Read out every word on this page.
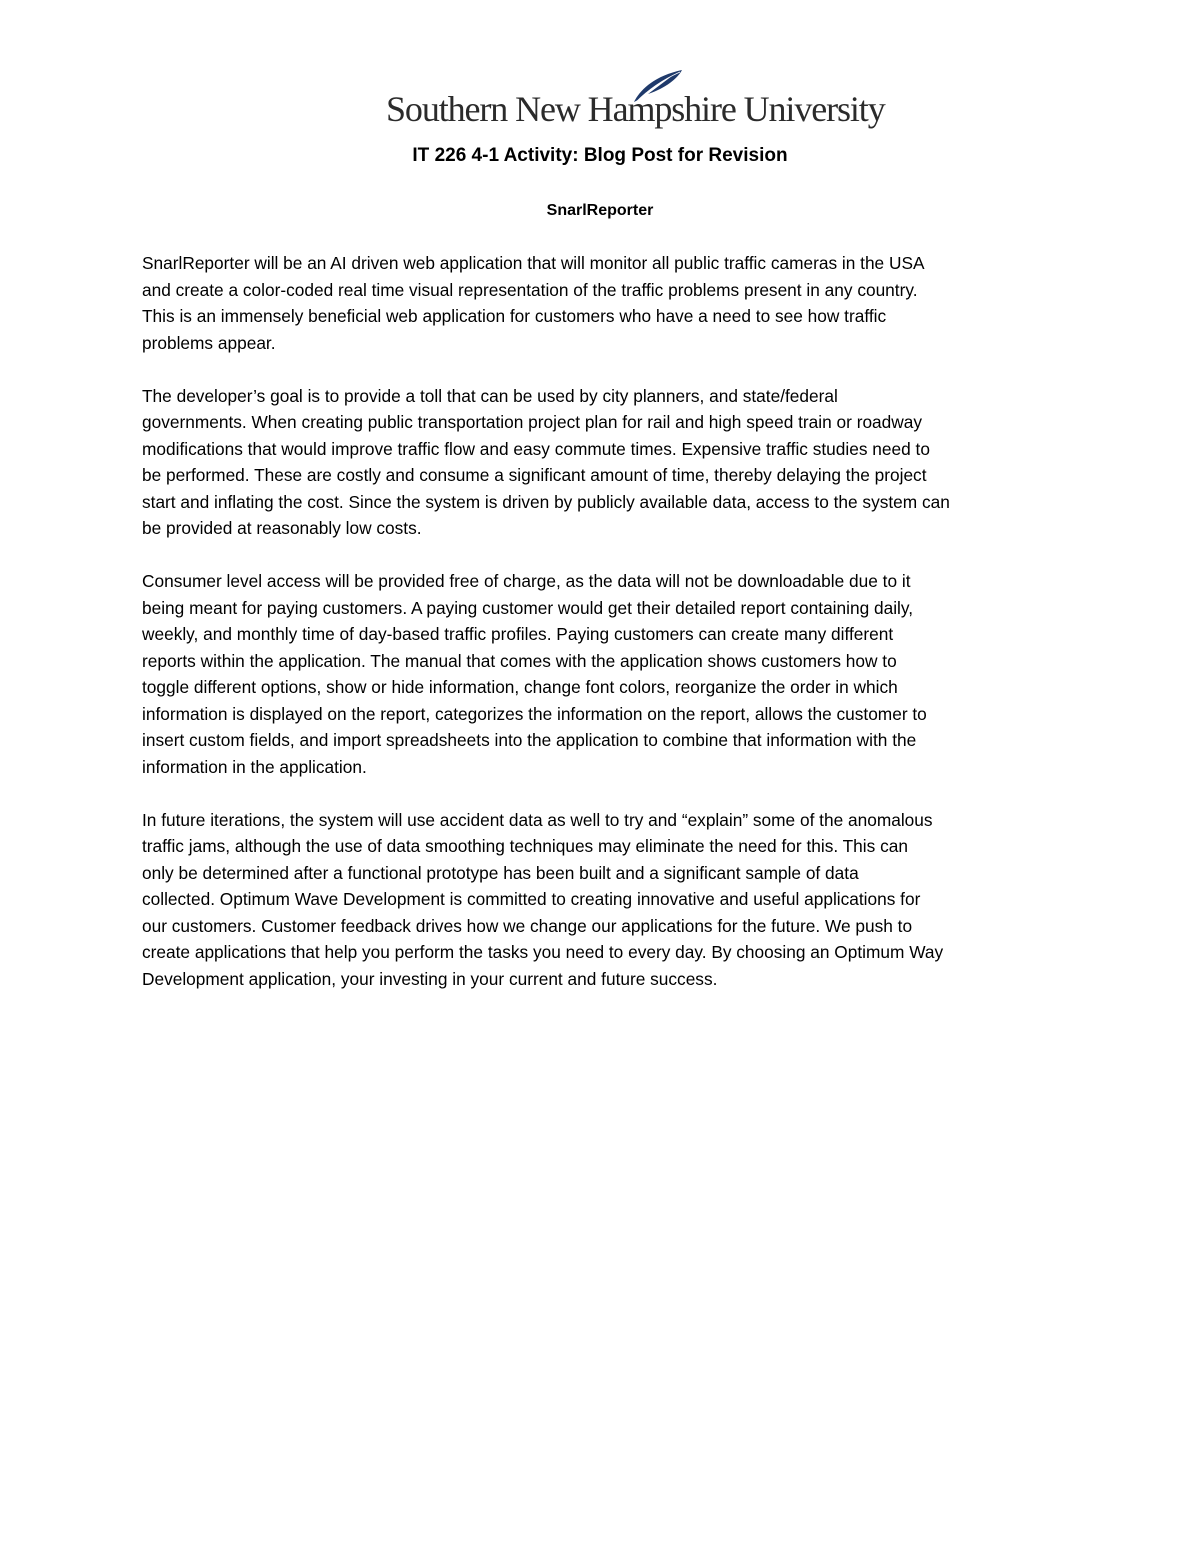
Southern New Hampshire University
IT 226 4-1 Activity: Blog Post for Revision
SnarlReporter

SnarlReporter will be an AI driven web application that will monitor all public traffic cameras in the USA
and create a color-coded real time visual representation of the traffic problems present in any country.
This is an immensely beneficial web application for customers who have a need to see how traffic
problems appear.

The developer’s goal is to provide a toll that can be used by city planners, and state/federal
governments. When creating public transportation project plan for rail and high speed train or roadway
modifications that would improve traffic flow and easy commute times. Expensive traffic studies need to
be performed. These are costly and consume a significant amount of time, thereby delaying the project
start and inflating the cost. Since the system is driven by publicly available data, access to the system can
be provided at reasonably low costs.

Consumer level access will be provided free of charge, as the data will not be downloadable due to it
being meant for paying customers. A paying customer would get their detailed report containing daily,
weekly, and monthly time of day-based traffic profiles. Paying customers can create many different
reports within the application. The manual that comes with the application shows customers how to
toggle different options, show or hide information, change font colors, reorganize the order in which
information is displayed on the report, categorizes the information on the report, allows the customer to
insert custom fields, and import spreadsheets into the application to combine that information with the
information in the application.

In future iterations, the system will use accident data as well to try and “explain” some of the anomalous
traffic jams, although the use of data smoothing techniques may eliminate the need for this. This can
only be determined after a functional prototype has been built and a significant sample of data
collected. Optimum Wave Development is committed to creating innovative and useful applications for
our customers. Customer feedback drives how we change our applications for the future. We push to
create applications that help you perform the tasks you need to every day. By choosing an Optimum Way
Development application, your investing in your current and future success.
